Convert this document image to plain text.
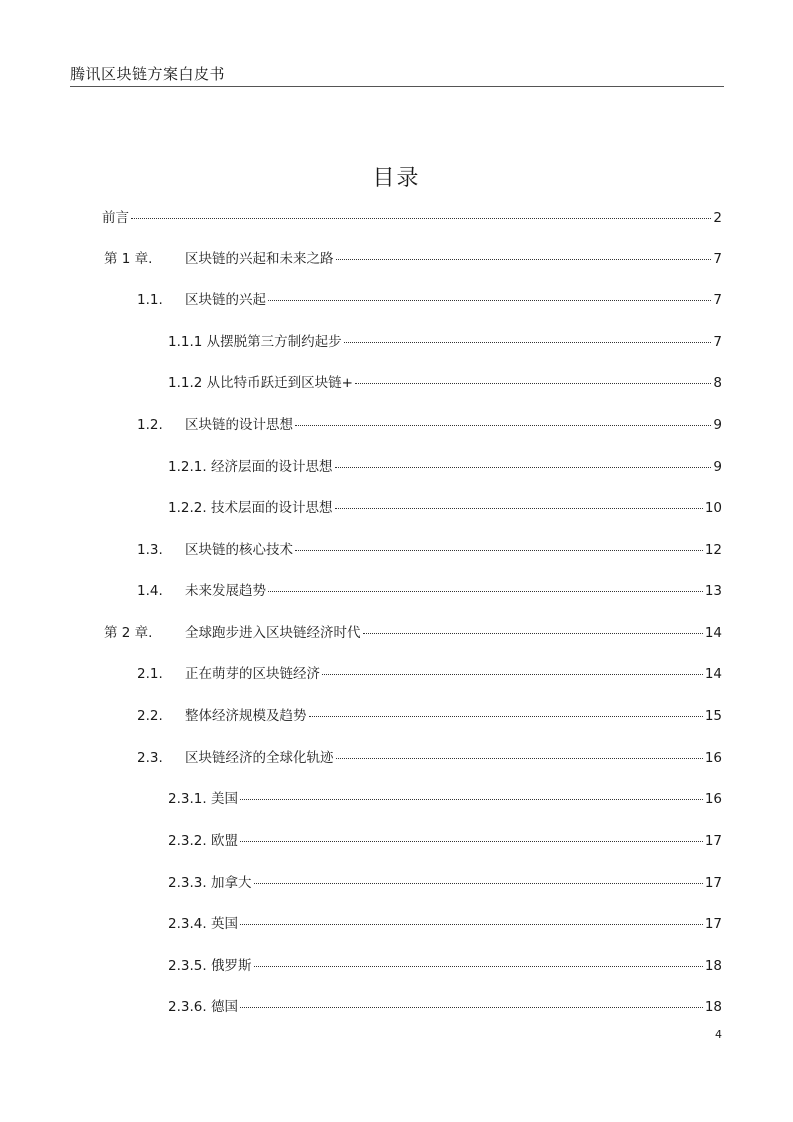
腾讯区块链方案白皮书
目录
前言	2
第 1 章. 区块链的兴起和未来之路	7
1.1. 区块链的兴起	7
1.1.1 从摆脱第三方制约起步	7
1.1.2 从比特币跃迁到区块链+	8
1.2. 区块链的设计思想	9
1.2.1. 经济层面的设计思想	9
1.2.2. 技术层面的设计思想	10
1.3. 区块链的核心技术	12
1.4. 未来发展趋势	13
第 2 章. 全球跑步进入区块链经济时代	14
2.1. 正在萌芽的区块链经济	14
2.2. 整体经济规模及趋势	15
2.3. 区块链经济的全球化轨迹	16
2.3.1. 美国	16
2.3.2. 欧盟	17
2.3.3. 加拿大	17
2.3.4. 英国	17
2.3.5. 俄罗斯	18
2.3.6. 德国	18
4
